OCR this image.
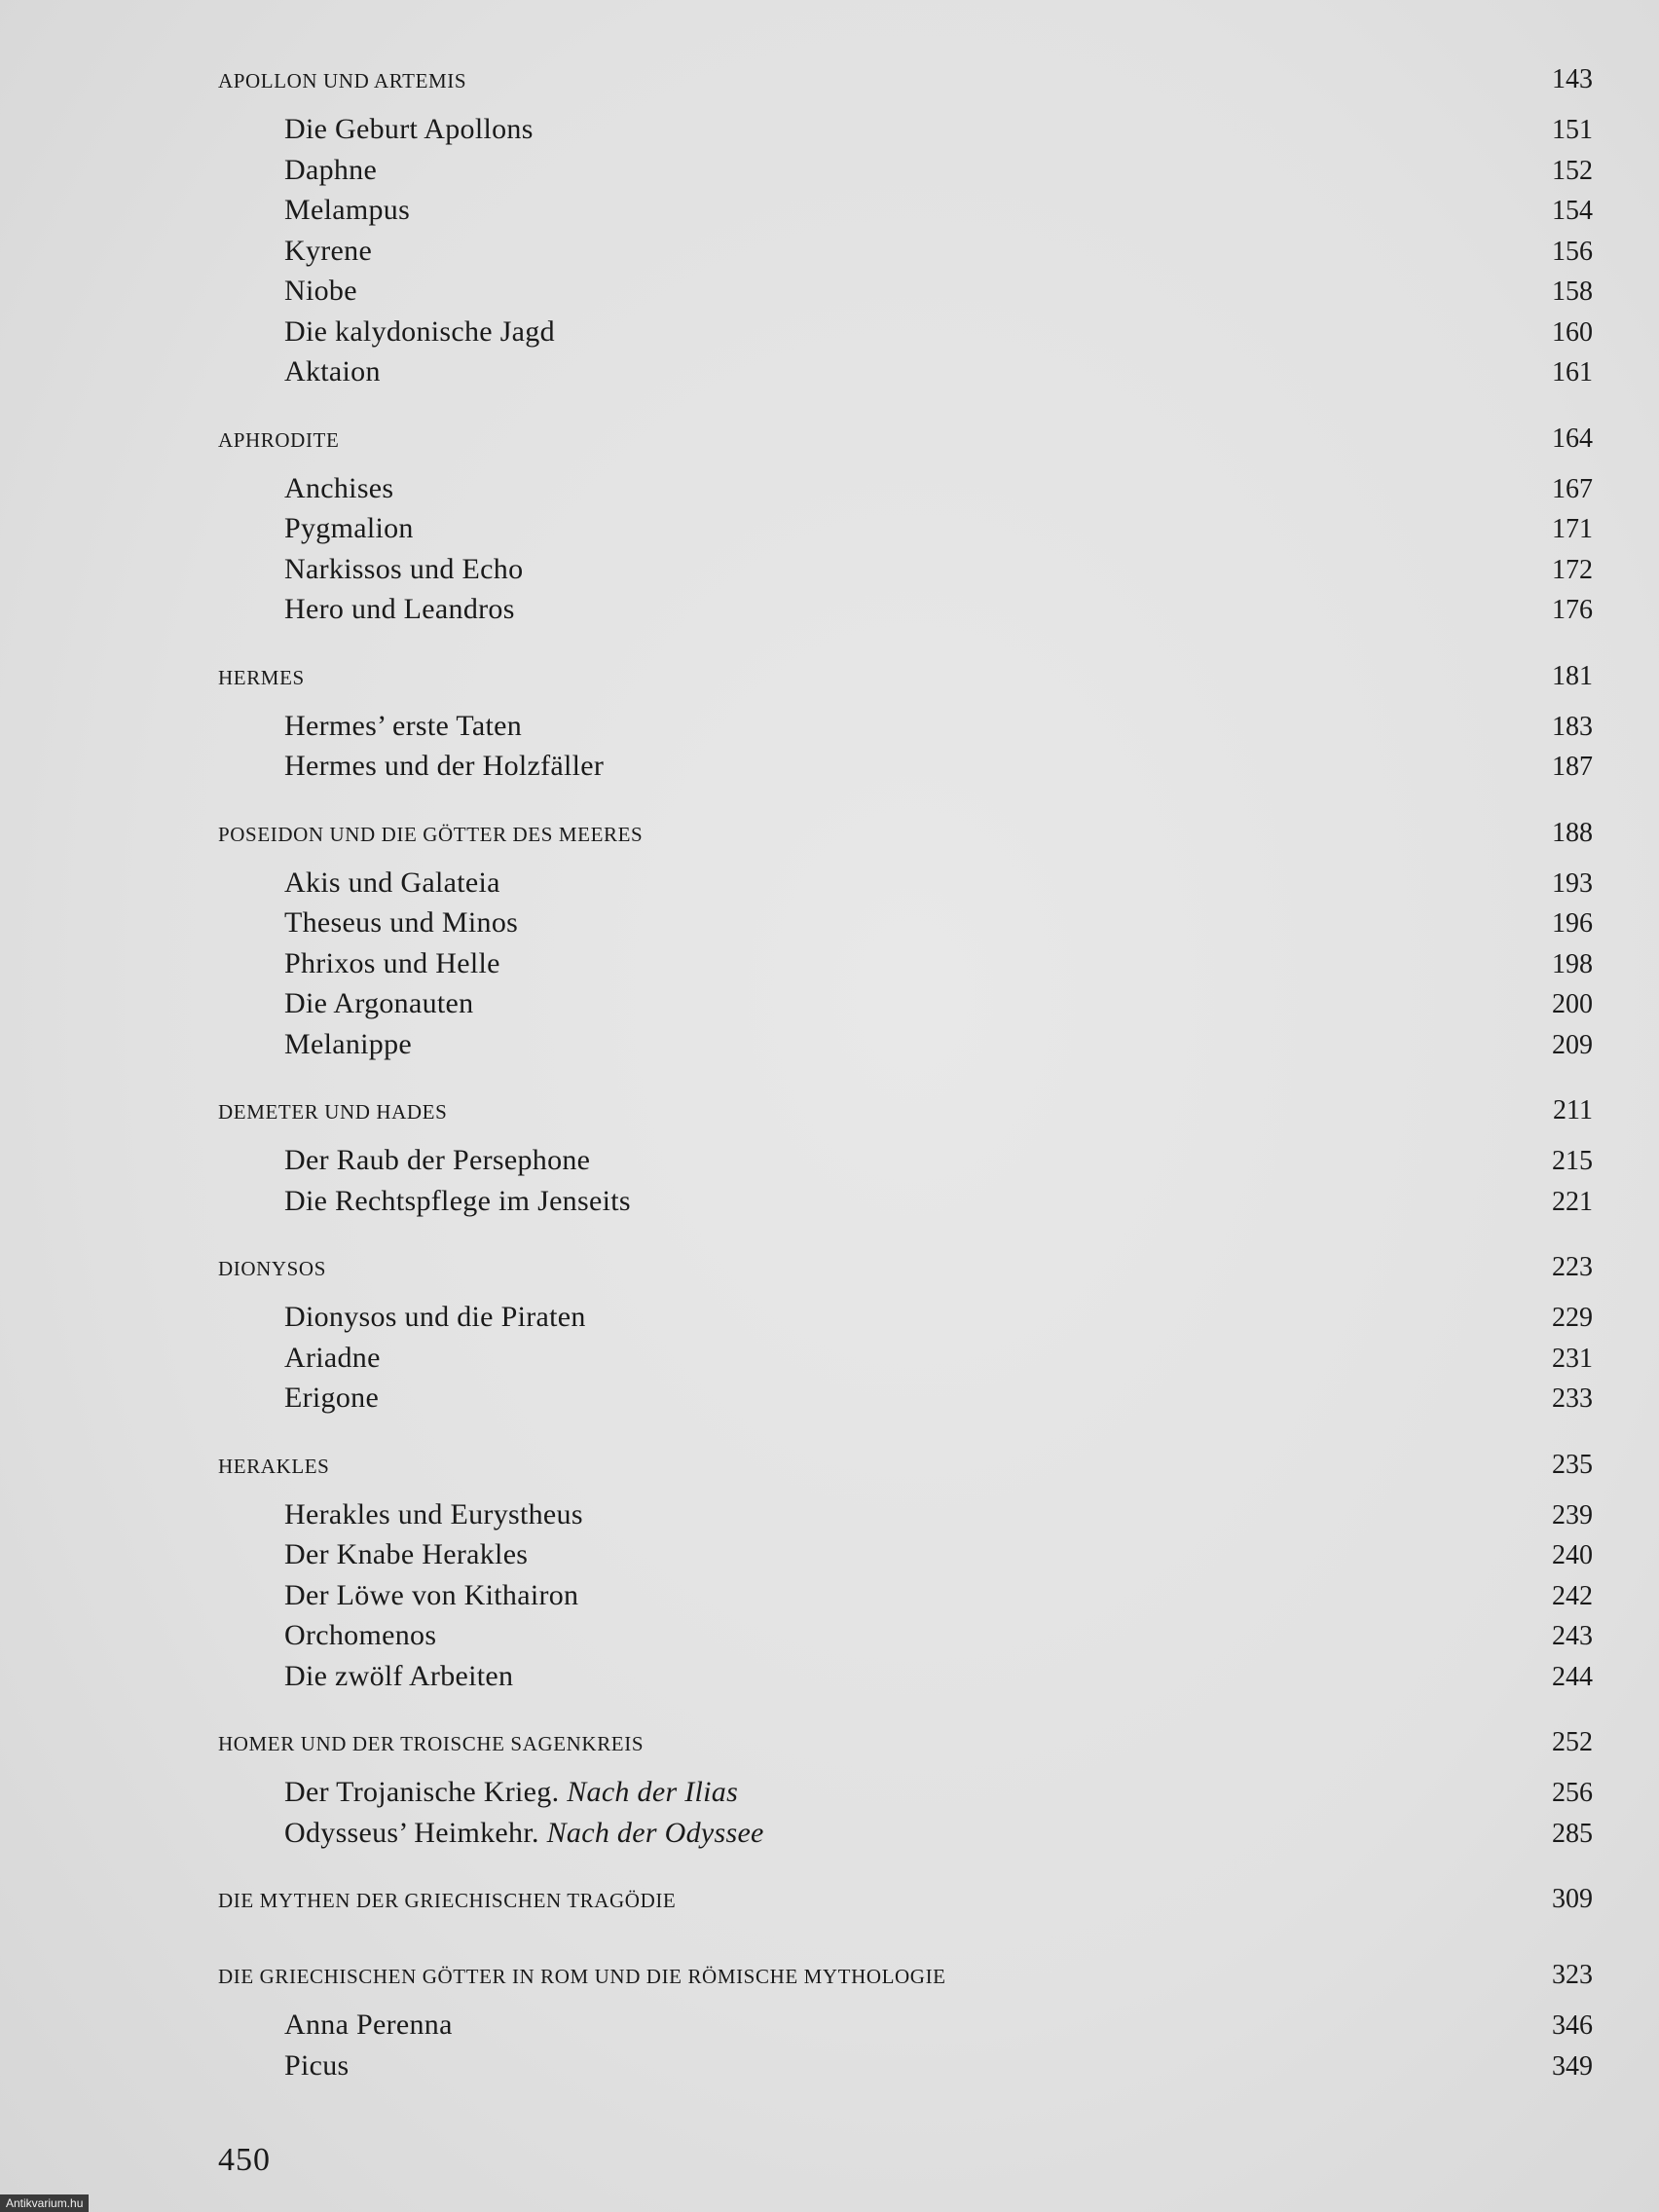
APOLLON UND ARTEMIS . . .	143
Die Geburt Apollons . . .	151
Daphne . . .	152
Melampus . . .	154
Kyrene . . .	156
Niobe . . .	158
Die kalydonische Jagd . . .	160
Aktaion . . .	161
APHRODITE . . .	164
Anchises . . .	167
Pygmalion . . .	171
Narkissos und Echo . . .	172
Hero und Leandros . . .	176
HERMES . . .	181
Hermes’ erste Taten . . .	183
Hermes und der Holzfäller . . .	187
POSEIDON UND DIE GÖTTER DES MEERES . . .	188
Akis und Galateia . . .	193
Theseus und Minos . . .	196
Phrixos und Helle . . .	198
Die Argonauten . . .	200
Melanippe . . .	209
DEMETER UND HADES . . .	211
Der Raub der Persephone . . .	215
Die Rechtspflege im Jenseits . . .	221
DIONYSOS . . .	223
Dionysos und die Piraten . . .	229
Ariadne . . .	231
Erigone . . .	233
HERAKLES . . .	235
Herakles und Eurystheus . . .	239
Der Knabe Herakles . . .	240
Der Löwe von Kithairon . . .	242
Orchomenos . . .	243
Die zwölf Arbeiten . . .	244
HOMER UND DER TROISCHE SAGENKREIS . . .	252
Der Trojanische Krieg. Nach der Ilias . . .	256
Odysseus’ Heimkehr. Nach der Odyssee . . .	285
DIE MYTHEN DER GRIECHISCHEN TRAGÖDIE . . .	309
DIE GRIECHISCHEN GÖTTER IN ROM UND DIE RÖMISCHE MYTHOLOGIE . . .	323
Anna Perenna . . .	346
Picus . . .	349
450
Antikvarium.hu
